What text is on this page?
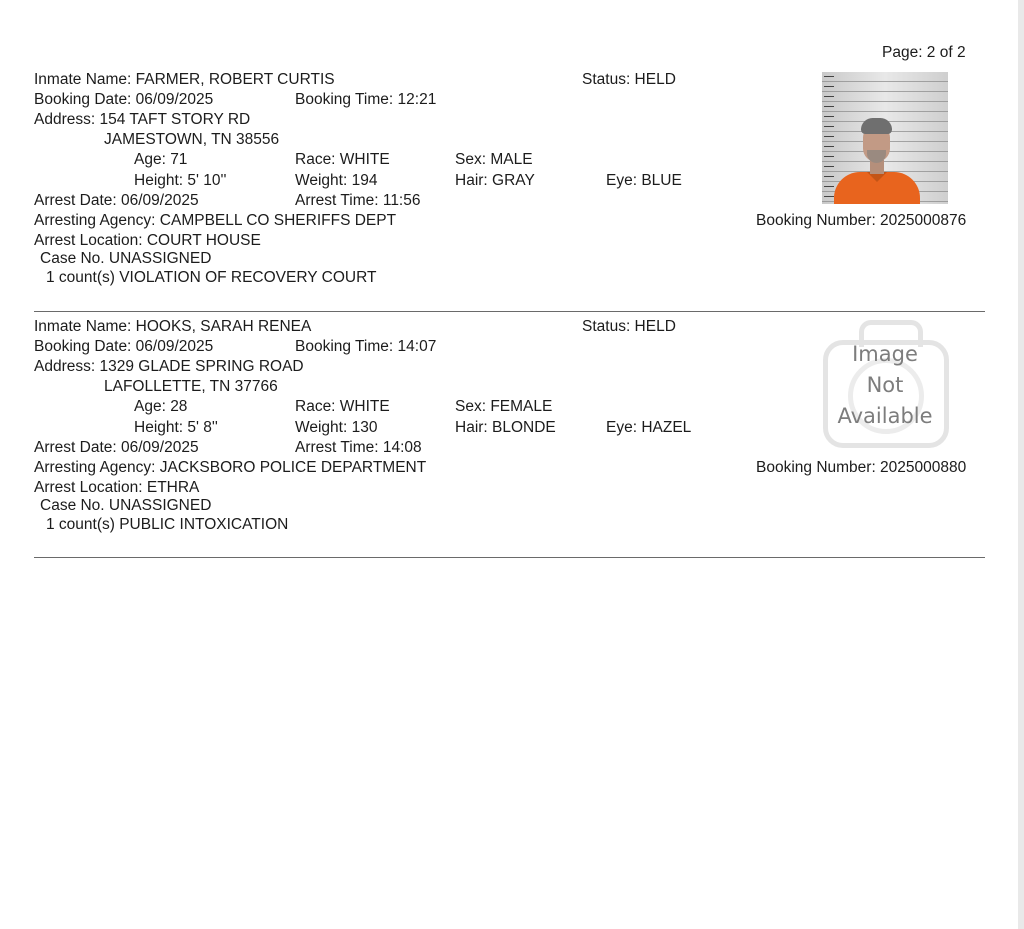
Page: 2 of 2
Inmate Name: FARMER, ROBERT CURTIS	Status: HELD
Booking Date: 06/09/2025	Booking Time: 12:21
Address: 154 TAFT STORY RD
JAMESTOWN, TN 38556
Age: 71	Race: WHITE	Sex: MALE
Height: 5' 10''	Weight: 194	Hair: GRAY	Eye: BLUE
Arrest Date: 06/09/2025	Arrest Time: 11:56
Arresting Agency: CAMPBELL CO SHERIFFS DEPT	Booking Number: 2025000876
Arrest Location: COURT HOUSE
Case No. UNASSIGNED
1 count(s) VIOLATION OF RECOVERY COURT
Inmate Name: HOOKS, SARAH RENEA	Status: HELD
Booking Date: 06/09/2025	Booking Time: 14:07
Address: 1329 GLADE SPRING ROAD
LAFOLLETTE, TN 37766
Age: 28	Race: WHITE	Sex: FEMALE
Height: 5' 8''	Weight: 130	Hair: BLONDE	Eye: HAZEL
Arrest Date: 06/09/2025	Arrest Time: 14:08
Arresting Agency: JACKSBORO POLICE DEPARTMENT	Booking Number: 2025000880
Arrest Location: ETHRA
Case No. UNASSIGNED
1 count(s) PUBLIC INTOXICATION
Image
Not
Available
